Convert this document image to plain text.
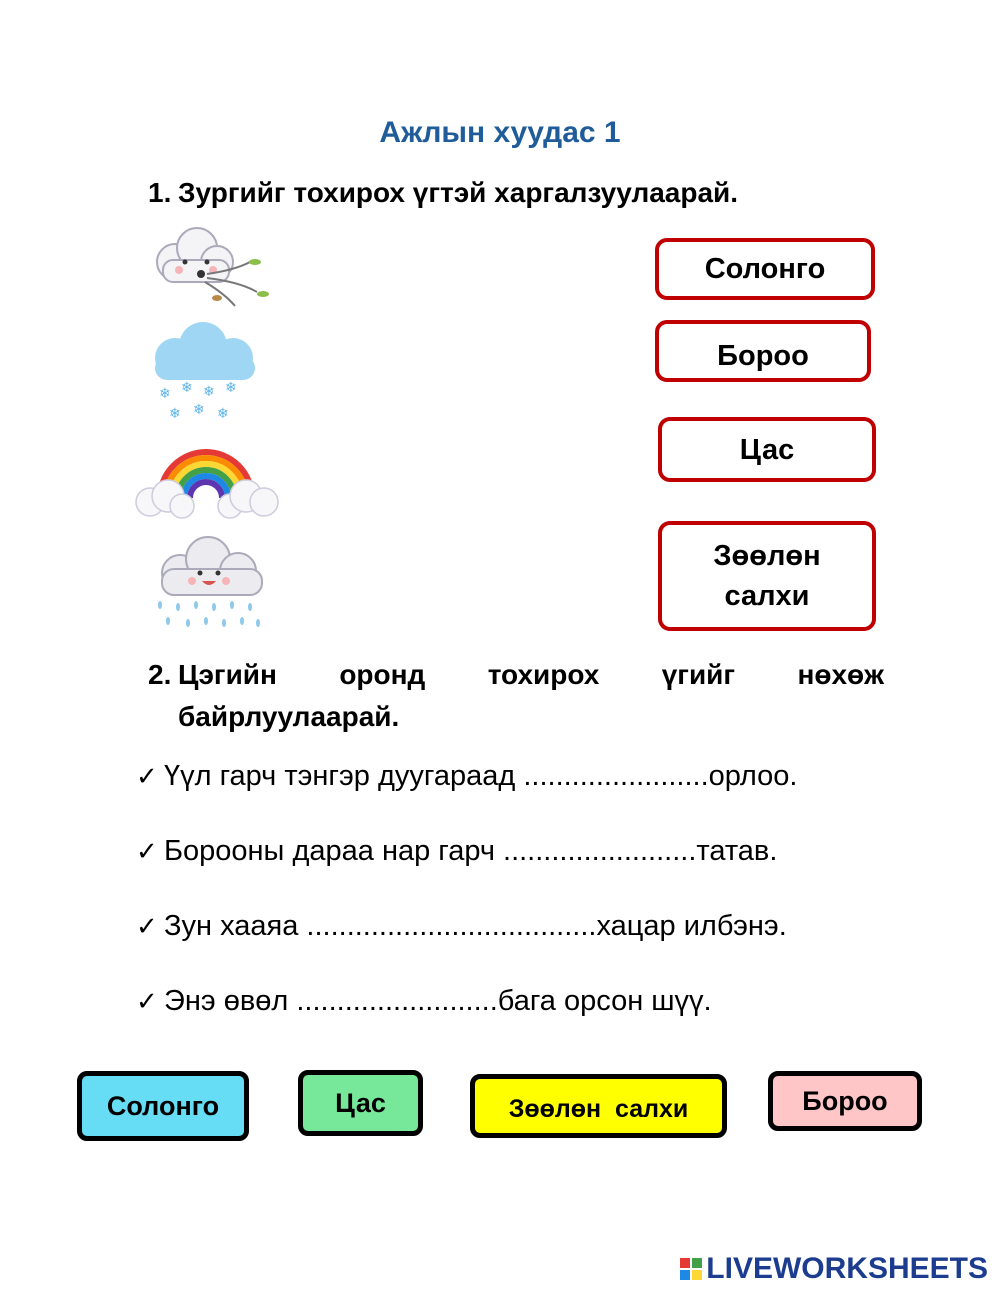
Ажлын хуудас 1
1. Зургийг тохирох үгтэй харгалзуулаарай.
❄ ❄ ❄ ❄
❄ ❄ ❄
Солонго
Бороо
Цас
Зөөлөн салхи
2. Цэгийн оронд тохирох үгийг нөхөж
байрлуулаарай.
✓ Үүл гарч тэнгэр дуугараад .......................орлоо.
✓ Борооны дараа нар гарч ........................татав.
✓ Зун хааяа ....................................хацар илбэнэ.
✓ Энэ өвөл .........................бага орсон шүү.
Солонго	Цас	Зөөлөн  салхи	Бороо
LIVEWORKSHEETS
